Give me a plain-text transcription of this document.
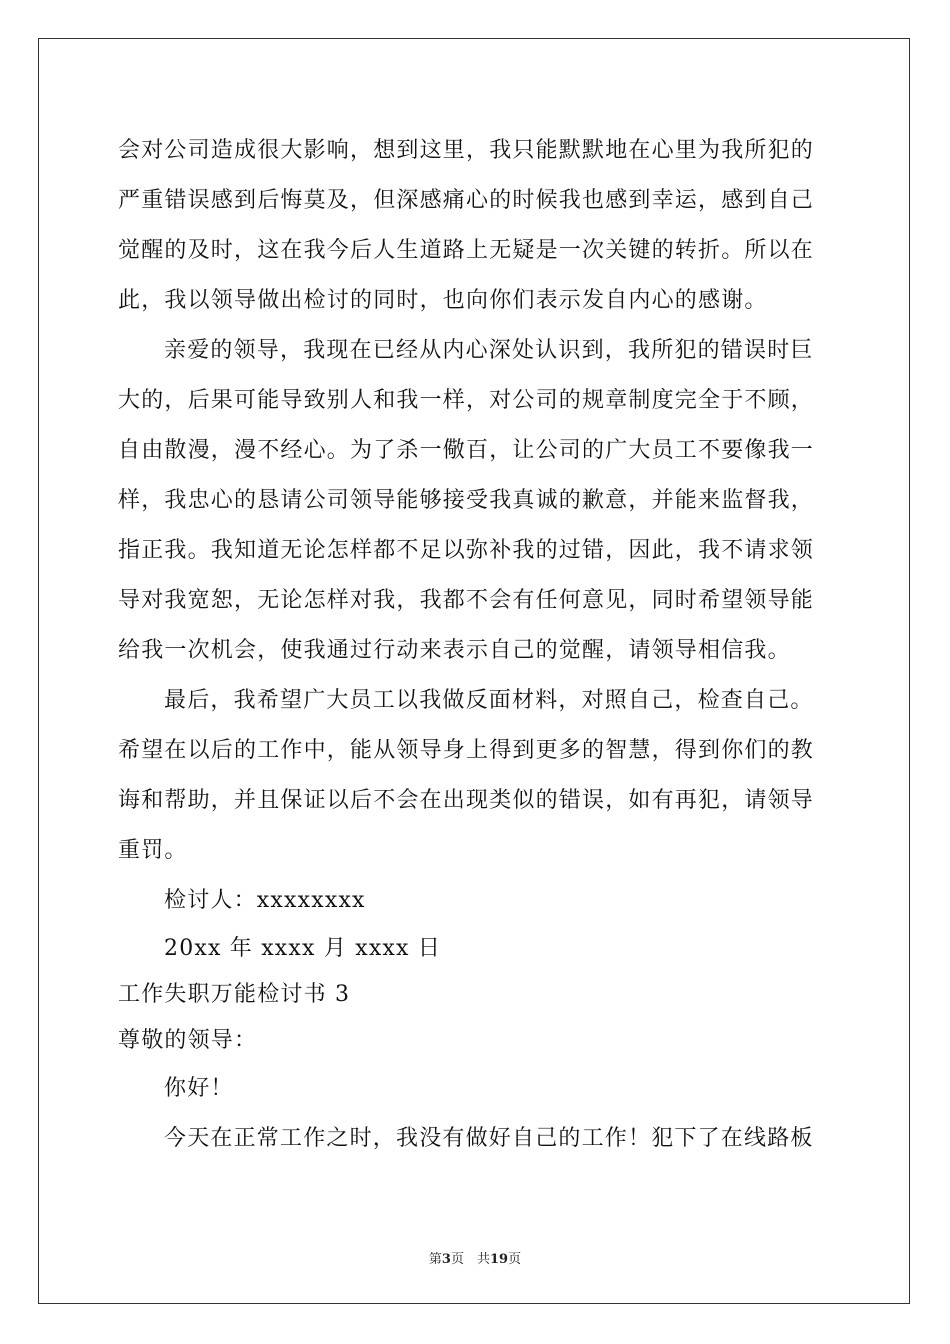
会对公司造成很大影响，想到这里，我只能默默地在心里为我所犯的
严重错误感到后悔莫及，但深感痛心的时候我也感到幸运，感到自己
觉醒的及时，这在我今后人生道路上无疑是一次关键的转折。所以在
此，我以领导做出检讨的同时，也向你们表示发自内心的感谢。
亲爱的领导，我现在已经从内心深处认识到，我所犯的错误时巨
大的，后果可能导致别人和我一样，对公司的规章制度完全于不顾，
自由散漫，漫不经心。为了杀一儆百，让公司的广大员工不要像我一
样，我忠心的恳请公司领导能够接受我真诚的歉意，并能来监督我，
指正我。我知道无论怎样都不足以弥补我的过错，因此，我不请求领
导对我宽恕，无论怎样对我，我都不会有任何意见，同时希望领导能
给我一次机会，使我通过行动来表示自己的觉醒，请领导相信我。
最后，我希望广大员工以我做反面材料，对照自己，检查自己。
希望在以后的工作中，能从领导身上得到更多的智慧，得到你们的教
诲和帮助，并且保证以后不会在出现类似的错误，如有再犯，请领导
重罚。
检讨人：xxxxxxxx
20xx 年 xxxx 月 xxxx 日
工作失职万能检讨书 3
尊敬的领导：
你好！
今天在正常工作之时，我没有做好自己的工作！犯下了在线路板
第3页　共19页
